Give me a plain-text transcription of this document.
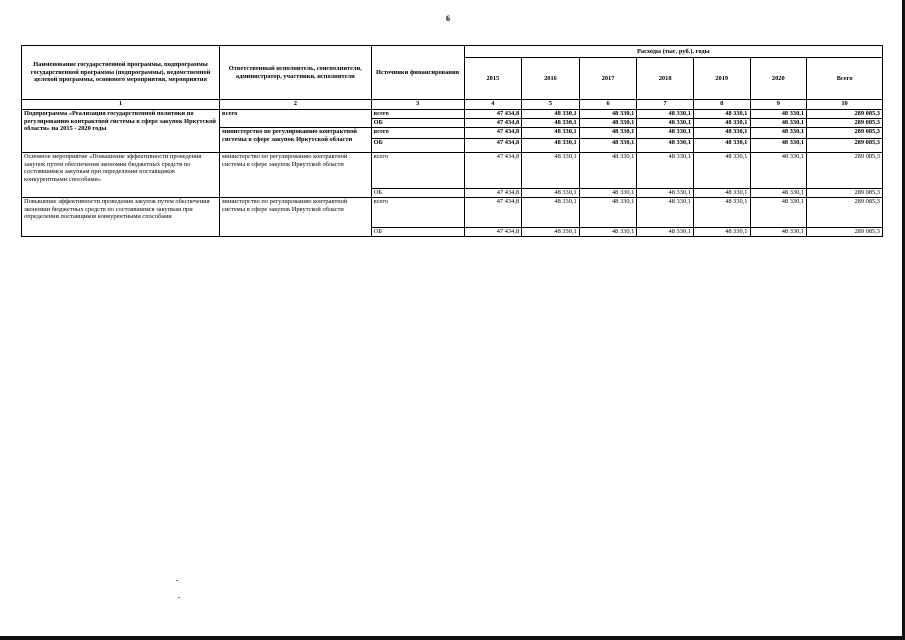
6
Наименование государственной программы, подпрограммы государственной программы (подпрограммы), ведомственной целевой программы, основного мероприятия, мероприятия	Ответственный исполнитель, соисполнители, администратор, участники, исполнители	Источники финансирования	Расходы (тыс. руб.), годы						
			2015	2016	2017	2018	2019	2020	Всего
1	2	3	4	5	6	7	8	9	10
Подпрограмма «Реализация государственной политики по регулированию контрактной системы в сфере закупок Иркутской области» на 2015 - 2020 годы	всего	всего	47 434,8	48 330,1	48 330,1	48 330,1	48 330,1	48 330,1	289 085,3
		ОБ	47 434,8	48 330,1	48 330,1	48 330,1	48 330,1	48 330,1	289 085,3
	министерство по регулированию контрактной системы в сфере закупок Иркутской области	всего	47 434,8	48 330,1	48 330,1	48 330,1	48 330,1	48 330,1	289 085,3
		ОБ	47 434,8	48 330,1	48 330,1	48 330,1	48 330,1	48 330,1	289 085,3
Основное мероприятие «Повышение эффективности проведения закупок путем обеспечения экономии бюджетных средств по состоявшимся закупкам при определении поставщиков конкурентными способами»	министерство по регулированию контрактной системы в сфере закупок Иркутской области	всего	47 434,8	48 330,1	48 330,1	48 330,1	48 330,1	48 330,1	289 085,3
		ОБ	47 434,8	48 330,1	48 330,1	48 330,1	48 330,1	48 330,1	289 085,3
Повышение эффективности проведения закупок путем обеспечения экономии бюджетных средств по состоявшимся закупкам при определении поставщиков конкурентными способами	министерство по регулированию контрактной системы в сфере закупок Иркутской области	всего	47 434,8	48 330,1	48 330,1	48 330,1	48 330,1	48 330,1	289 085,3
		ОБ	47 434,8	48 330,1	48 330,1	48 330,1	48 330,1	48 330,1	289 085,3
